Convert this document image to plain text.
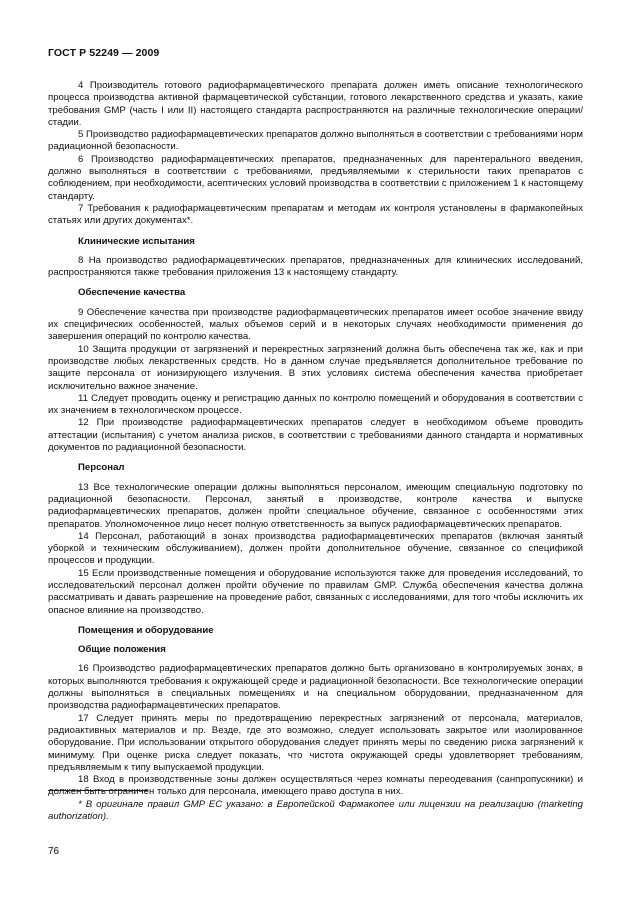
ГОСТ Р 52249 — 2009

4 Производитель готового радиофармацевтического препарата должен иметь описание технологического процесса производства активной фармацевтической субстанции, готового лекарственного средства и указать, какие требования GMP (часть I или II) настоящего стандарта распространяются на различные технологические операции/стадии.

5 Производство радиофармацевтических препаратов должно выполняться в соответствии с требованиями норм радиационной безопасности.

6 Производство радиофармацевтических препаратов, предназначенных для парентерального введения, должно выполняться в соответствии с требованиями, предъявляемыми к стерильности таких препаратов с соблюдением, при необходимости, асептических условий производства в соответствии с приложением 1 к настоящему стандарту.

7 Требования к радиофармацевтическим препаратам и методам их контроля установлены в фармакопейных статьях или других документах*.

Клинические испытания

8 На производство радиофармацевтических препаратов, предназначенных для клинических исследований, распространяются также требования приложения 13 к настоящему стандарту.

Обеспечение качества

9 Обеспечение качества при производстве радиофармацевтических препаратов имеет особое значение ввиду их специфических особенностей, малых объемов серий и в некоторых случаях необходимости применения до завершения операций по контролю качества.

10 Защита продукции от загрязнений и перекрестных загрязнений должна быть обеспечена так же, как и при производстве любых лекарственных средств. Но в данном случае предъявляется дополнительное требование по защите персонала от ионизирующего излучения. В этих условиях система обеспечения качества приобретает исключительно важное значение.

11 Следует проводить оценку и регистрацию данных по контролю помещений и оборудования в соответствии с их значением в технологическом процессе.

12 При производстве радиофармацевтических препаратов следует в необходимом объеме проводить аттестации (испытания) с учетом анализа рисков, в соответствии с требованиями данного стандарта и нормативных документов по радиационной безопасности.

Персонал

13 Все технологические операции должны выполняться персоналом, имеющим специальную подготовку по радиационной безопасности. Персонал, занятый в производстве, контроле качества и выпуске радиофармацевтических препаратов, должен пройти специальное обучение, связанное с особенностями этих препаратов. Уполномоченное лицо несет полную ответственность за выпуск радиофармацевтических препаратов.

14 Персонал, работающий в зонах производства радиофармацевтических препаратов (включая занятый уборкой и техническим обслуживанием), должен пройти дополнительное обучение, связанное со спецификой процессов и продукции.

15 Если производственные помещения и оборудование используются также для проведения исследований, то исследовательский персонал должен пройти обучение по правилам GMP. Служба обеспечения качества должна рассматривать и давать разрешение на проведение работ, связанных с исследованиями, для того чтобы исключить их опасное влияние на производство.

Помещения и оборудование
Общие положения

16 Производство радиофармацевтических препаратов должно быть организовано в контролируемых зонах, в которых выполняются требования к окружающей среде и радиационной безопасности. Все технологические операции должны выполняться в специальных помещениях и на специальном оборудовании, предназначенном для производства радиофармацевтических препаратов.

17 Следует принять меры по предотвращению перекрестных загрязнений от персонала, материалов, радиоактивных материалов и пр. Везде, где это возможно, следует использовать закрытое или изолированное оборудование. При использовании открытого оборудования следует принять меры по сведению риска загрязнений к минимуму. При оценке риска следует показать, что чистота окружающей среды удовлетворяет требованиям, предъявляемым к типу выпускаемой продукции.

18 Вход в производственные зоны должен осуществляться через комнаты переодевания (санпропускники) и должен быть ограничен только для персонала, имеющего право доступа в них.

* В оригинале правил GMP ЕС указано: в Европейской Фармакопее или лицензии на реализацию (marketing authorization).
76
